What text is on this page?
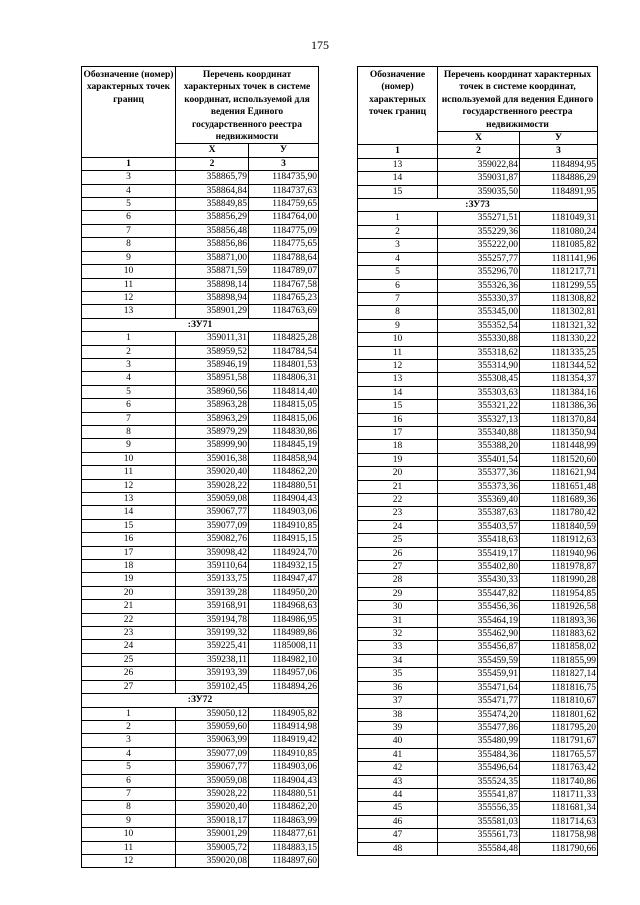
175
Обозначение (номер) характерных точек границ	Перечень координат характерных точек в системе координат, используемой для ведения Единого государственного реестра недвижимости	
	Х	У
1	2	3
3	358865,79	1184735,90
4	358864,84	1184737,63
5	358849,85	1184759,65
6	358856,29	1184764,00
7	358856,48	1184775,09
8	358856,86	1184775,65
9	358871,00	1184788,64
10	358871,59	1184789,07
11	358898,14	1184767,58
12	358898,94	1184765,23
13	358901,29	1184763,69
:ЗУ71		
1	359011,31	1184825,28
2	358959,52	1184784,54
3	358946,19	1184801,53
4	358951,58	1184806,31
5	358960,56	1184814,40
6	358963,28	1184815,05
7	358963,29	1184815,06
8	358979,29	1184830,86
9	358999,90	1184845,19
10	359016,38	1184858,94
11	359020,40	1184862,20
12	359028,22	1184880,51
13	359059,08	1184904,43
14	359067,77	1184903,06
15	359077,09	1184910,85
16	359082,76	1184915,15
17	359098,42	1184924,70
18	359110,64	1184932,15
19	359133,75	1184947,47
20	359139,28	1184950,20
21	359168,91	1184968,63
22	359194,78	1184986,95
23	359199,32	1184989,86
24	359225,41	1185008,11
25	359238,11	1184982,10
26	359193,39	1184957,06
27	359102,45	1184894,26
:ЗУ72		
1	359050,12	1184905,82
2	359059,60	1184914,98
3	359063,99	1184919,42
4	359077,09	1184910,85
5	359067,77	1184903,06
6	359059,08	1184904,43
7	359028,22	1184880,51
8	359020,40	1184862,20
9	359018,17	1184863,99
10	359001,29	1184877,61
11	359005,72	1184883,15
12	359020,08	1184897,60
Обозначение (номер) характерных точек границ	Перечень координат характерных точек в системе координат, используемой для ведения Единого государственного реестра недвижимости	
	Х	У
1	2	3
13	359022,84	1184894,95
14	359031,87	1184886,29
15	359035,50	1184891,95
:ЗУ73		
1	355271,51	1181049,31
2	355229,36	1181080,24
3	355222,00	1181085,82
4	355257,77	1181141,96
5	355296,70	1181217,71
6	355326,36	1181299,55
7	355330,37	1181308,82
8	355345,00	1181302,81
9	355352,54	1181321,32
10	355330,88	1181330,22
11	355318,62	1181335,25
12	355314,90	1181344,52
13	355308,45	1181354,37
14	355303,63	1181384,16
15	355321,22	1181386,36
16	355327,13	1181370,84
17	355340,88	1181350,94
18	355388,20	1181448,99
19	355401,54	1181520,60
20	355377,36	1181621,94
21	355373,36	1181651,48
22	355369,40	1181689,36
23	355387,63	1181780,42
24	355403,57	1181840,59
25	355418,63	1181912,63
26	355419,17	1181940,96
27	355402,80	1181978,87
28	355430,33	1181990,28
29	355447,82	1181954,85
30	355456,36	1181926,58
31	355464,19	1181893,36
32	355462,90	1181883,62
33	355456,87	1181858,02
34	355459,59	1181855,99
35	355459,91	1181827,14
36	355471,64	1181816,75
37	355471,77	1181810,67
38	355474,20	1181801,62
39	355477,86	1181795,20
40	355480,99	1181791,67
41	355484,36	1181765,57
42	355496,64	1181763,42
43	355524,35	1181740,86
44	355541,87	1181711,33
45	355556,35	1181681,34
46	355581,03	1181714,63
47	355561,73	1181758,98
48	355584,48	1181790,66
